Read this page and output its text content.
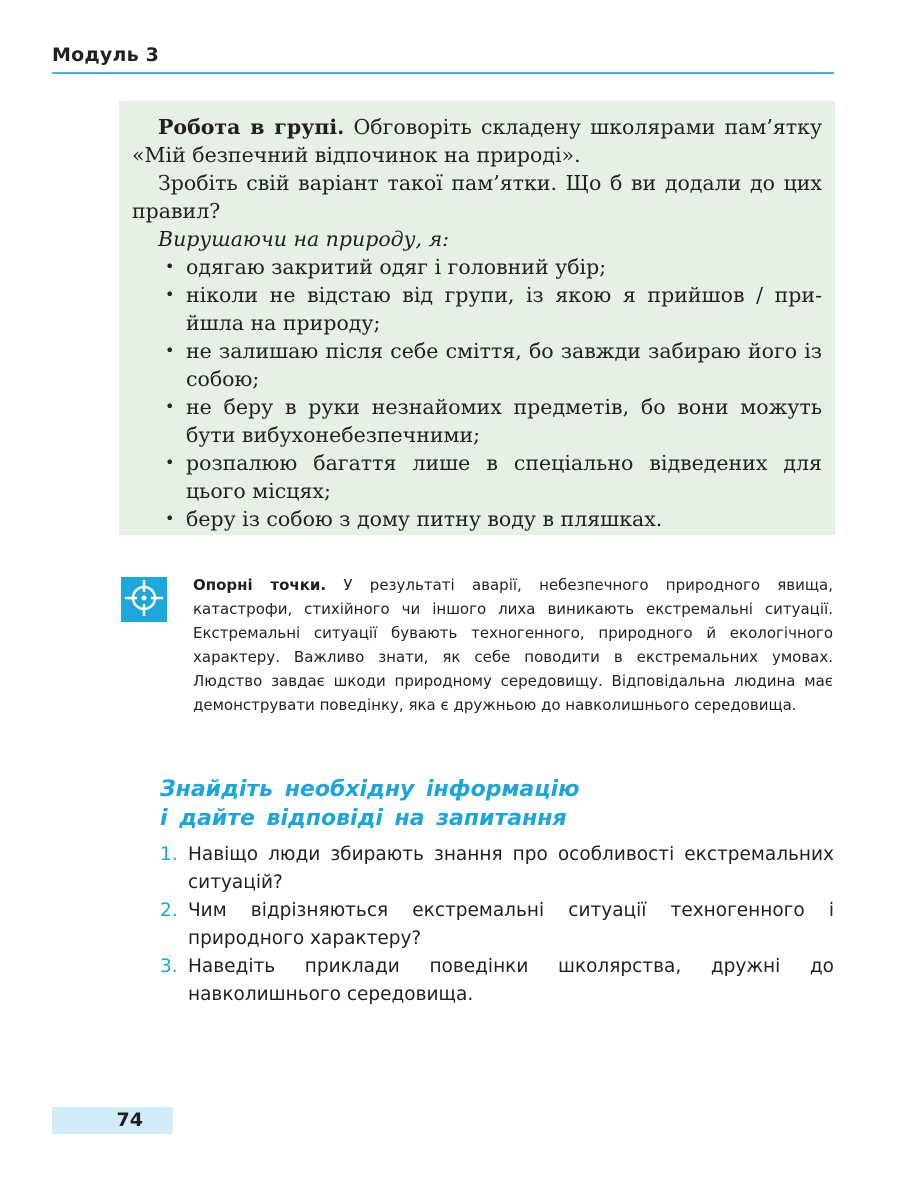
Модуль 3

Робота в групі. Обговоріть складену школярами пам’ятку «Мій безпечний відпочинок на природі».

Зробіть свій варіант такої пам’ятки. Що б ви додали до цих правил?

Вирушаючи на природу, я:

• одягаю закритий одяг і головний убір;
• ніколи не відстаю від групи, із якою я прийшов / прийшла на природу;
• не залишаю після себе сміття, бо завжди забираю його із собою;
• не беру в руки незнайомих предметів, бо вони можуть бути вибухонебезпечними;
• розпалюю багаття лише в спеціально відведених для цього місцях;
• беру із собою з дому питну воду в пляшках.

Опорні точки. У результаті аварії, небезпечного природного явища, катастрофи, стихійного чи іншого лиха виникають екстремальні ситуації. Екстремальні ситуації бувають техногенного, природного й екологічного характеру. Важливо знати, як себе поводити в екстремальних умовах. Людство завдає шкоди природному середовищу. Відповідальна людина має демонструвати поведінку, яка є дружньою до навколишнього середовища.

Знайдіть необхідну інформацію
і дайте відповіді на запитання
1. Навіщо люди збирають знання про особливості екстремальних ситуацій?
2. Чим відрізняються екстремальні ситуації техногенного і природного характеру?
3. Наведіть приклади поведінки школярства, дружні до навколишнього середовища.
74
